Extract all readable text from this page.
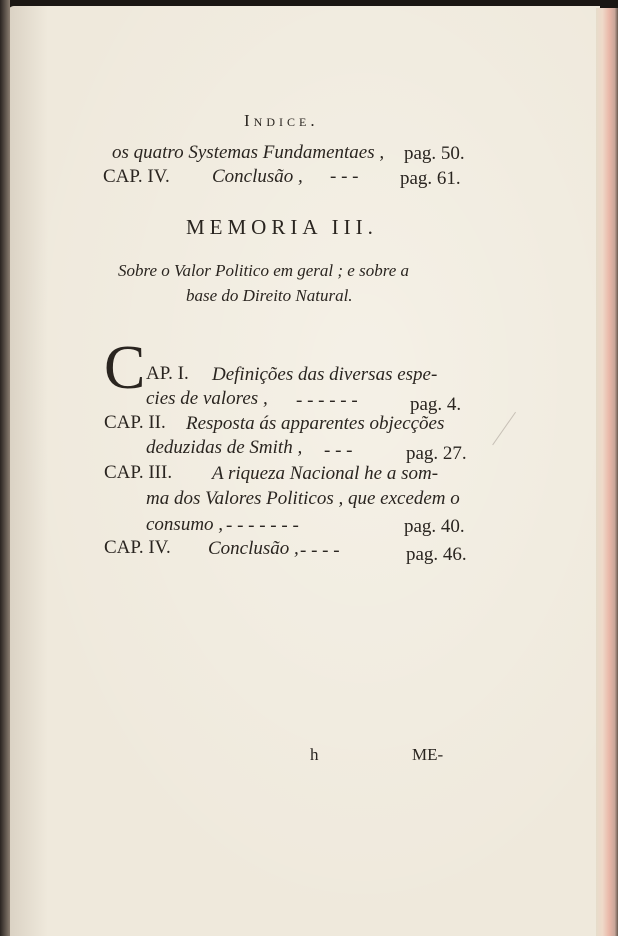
Indice.
os quatro Systemas Fundamentaes , pag. 50.
CAP. IV. Conclusão , - - - pag. 61.
MEMORIA III.
Sobre o Valor Politico em geral ; e sobre a
base do Direito Natural.
C AP. I. Definições das diversas espe-
cies de valores , - - - - - -	pag. 4.
CAP. II. Resposta ás apparentes objecções
deduzidas de Smith , - - -	pag. 27.
CAP. III. A riqueza Nacional he a som-
ma dos Valores Politicos , que excedem o
consumo , - - - - - - -	pag. 40.
CAP. IV. Conclusão , - - - -	pag. 46.
h	ME-
